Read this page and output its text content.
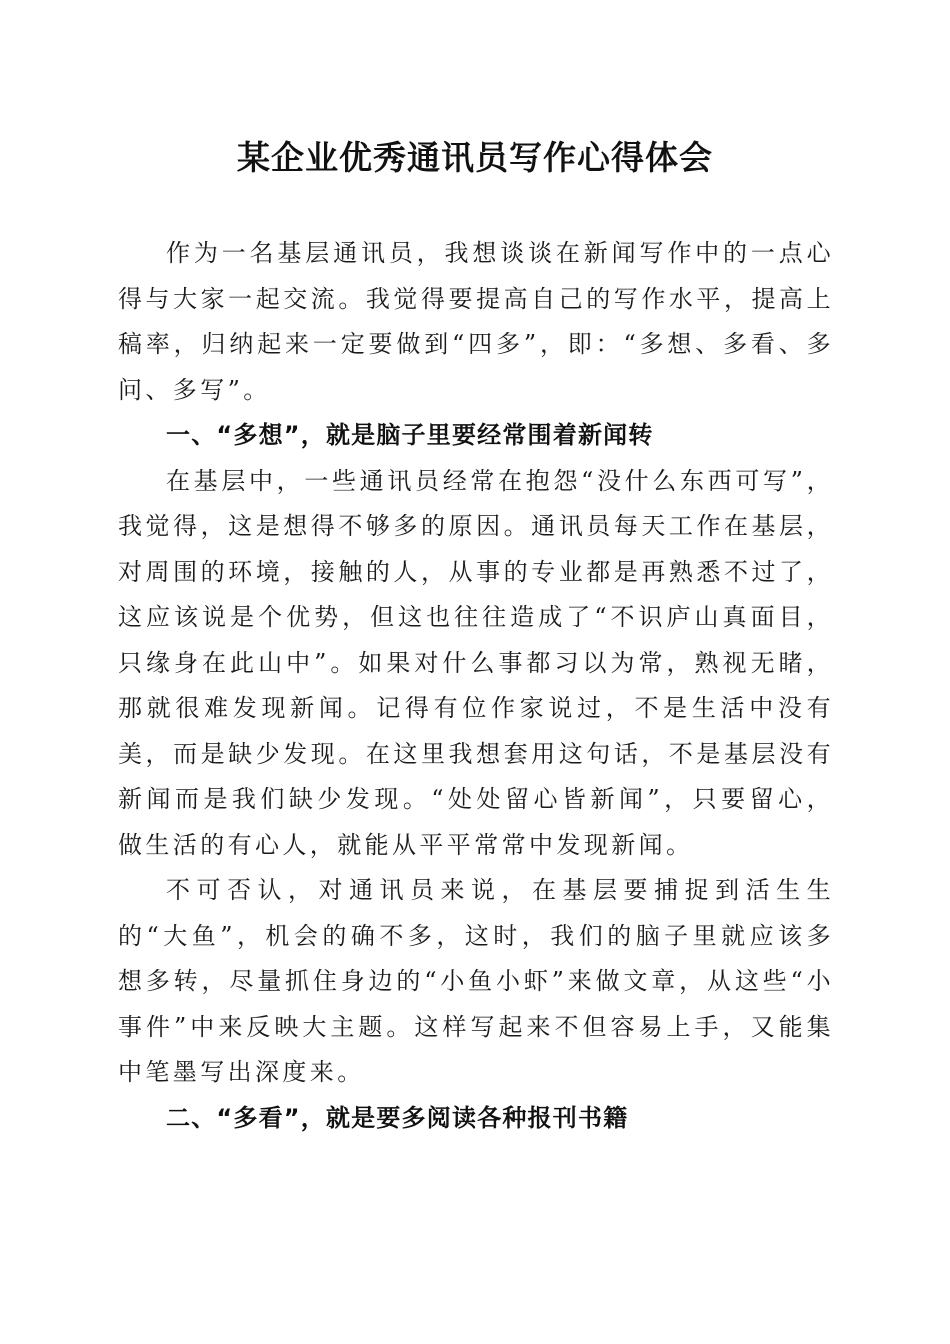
某企业优秀通讯员写作心得体会

作为一名基层通讯员，我想谈谈在新闻写作中的一点心得与大家一起交流。我觉得要提高自己的写作水平，提高上稿率，归纳起来一定要做到“四多”，即：“多想、多看、多问、多写”。

一、“多想”，就是脑子里要经常围着新闻转

在基层中，一些通讯员经常在抱怨“没什么东西可写”，我觉得，这是想得不够多的原因。通讯员每天工作在基层，对周围的环境，接触的人，从事的专业都是再熟悉不过了，这应该说是个优势，但这也往往造成了“不识庐山真面目，只缘身在此山中”。如果对什么事都习以为常，熟视无睹，那就很难发现新闻。记得有位作家说过，不是生活中没有美，而是缺少发现。在这里我想套用这句话，不是基层没有新闻而是我们缺少发现。“处处留心皆新闻”，只要留心，做生活的有心人，就能从平平常常中发现新闻。

不可否认，对通讯员来说，在基层要捕捉到活生生的“大鱼”，机会的确不多，这时，我们的脑子里就应该多想多转，尽量抓住身边的“小鱼小虾”来做文章，从这些“小事件”中来反映大主题。这样写起来不但容易上手，又能集中笔墨写出深度来。

二、“多看”，就是要多阅读各种报刊书籍
